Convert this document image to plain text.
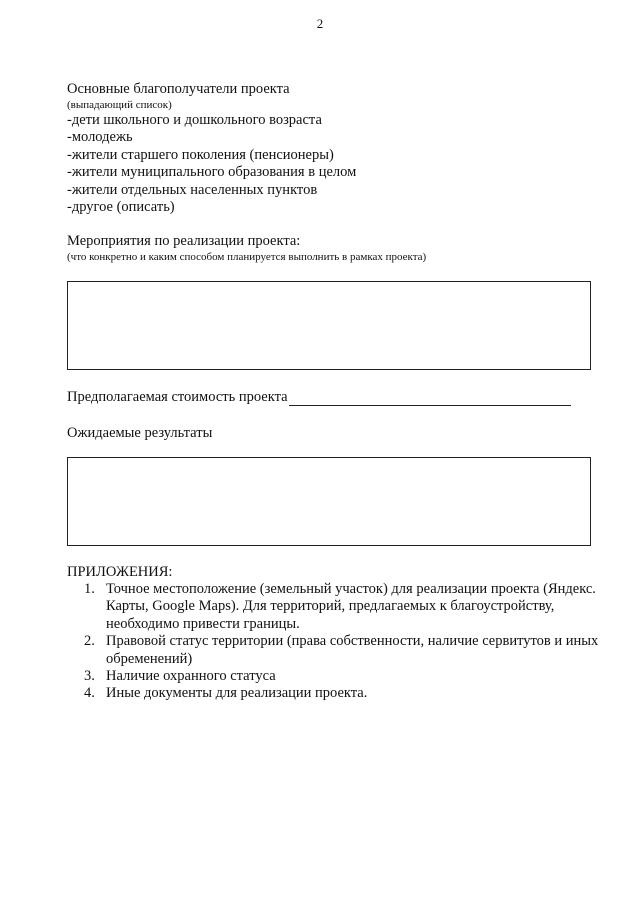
2
Основные благополучатели проекта
(выпадающий список)
-дети школьного и дошкольного возраста
-молодежь
-жители старшего поколения (пенсионеры)
-жители муниципального образования в целом
-жители отдельных населенных пунктов
-другое (описать)
Мероприятия по реализации проекта:
(что конкретно и каким способом планируется выполнить в рамках проекта)
Предполагаемая стоимость проекта
Ожидаемые результаты
ПРИЛОЖЕНИЯ:
1. Точное местоположение (земельный участок) для реализации проекта (Яндекс. Карты, Google Maps). Для территорий, предлагаемых к благоустройству, необходимо привести границы.
2. Правовой статус территории (права собственности, наличие сервитутов и иных обременений)
3. Наличие охранного статуса
4. Иные документы для реализации проекта.
